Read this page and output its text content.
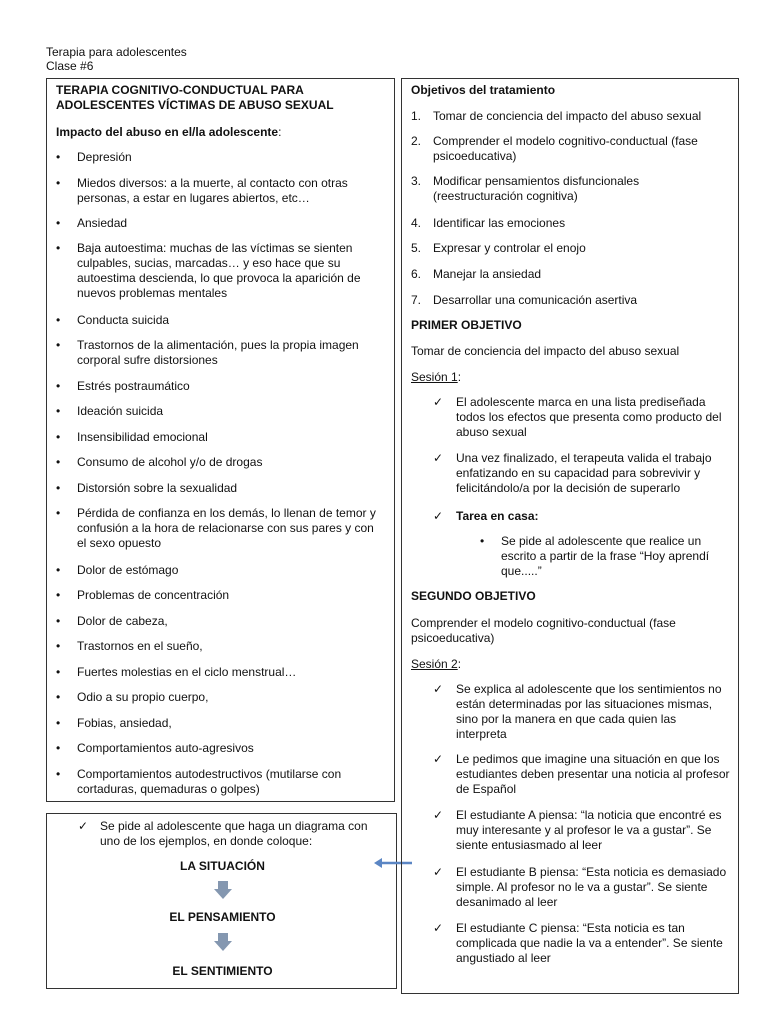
Terapia para adolescentes
Clase #6
TERAPIA COGNITIVO-CONDUCTUAL PARA
ADOLESCENTES VÍCTIMAS DE ABUSO SEXUAL
Impacto del abuso en el/la adolescente:
• Depresión
• Miedos diversos: a la muerte, al contacto con otras
personas, a estar en lugares abiertos, etc…
• Ansiedad
• Baja autoestima: muchas de las víctimas se sienten
culpables, sucias, marcadas… y eso hace que su
autoestima descienda, lo que provoca la aparición de
nuevos problemas mentales
• Conducta suicida
• Trastornos de la alimentación, pues la propia imagen
corporal sufre distorsiones
• Estrés postraumático
• Ideación suicida
• Insensibilidad emocional
• Consumo de alcohol y/o de drogas
• Distorsión sobre la sexualidad
• Pérdida de confianza en los demás, lo llenan de temor y
confusión a la hora de relacionarse con sus pares y con
el sexo opuesto
• Dolor de estómago
• Problemas de concentración
• Dolor de cabeza,
• Trastornos en el sueño,
• Fuertes molestias en el ciclo menstrual…
• Odio a su propio cuerpo,
• Fobias, ansiedad,
• Comportamientos auto-agresivos
• Comportamientos autodestructivos (mutilarse con
cortaduras, quemaduras o golpes)
✓ Se pide al adolescente que haga un diagrama con
uno de los ejemplos, en donde coloque:
LA SITUACIÓN
EL PENSAMIENTO
EL SENTIMIENTO
Objetivos del tratamiento
1. Tomar de conciencia del impacto del abuso sexual
2. Comprender el modelo cognitivo-conductual (fase
psicoeducativa)
3. Modificar pensamientos disfuncionales
(reestructuración cognitiva)
4. Identificar las emociones
5. Expresar y controlar el enojo
6. Manejar la ansiedad
7. Desarrollar una comunicación asertiva
PRIMER OBJETIVO
Tomar de conciencia del impacto del abuso sexual
Sesión 1:
✓ El adolescente marca en una lista prediseñada
todos los efectos que presenta como producto del
abuso sexual
✓ Una vez finalizado, el terapeuta valida el trabajo
enfatizando en su capacidad para sobrevivir y
felicitándolo/a por la decisión de superarlo
✓ Tarea en casa:
• Se pide al adolescente que realice un
escrito a partir de la frase “Hoy aprendí
que.....”
SEGUNDO OBJETIVO
Comprender el modelo cognitivo-conductual (fase
psicoeducativa)
Sesión 2:
✓ Se explica al adolescente que los sentimientos no
están determinadas por las situaciones mismas,
sino por la manera en que cada quien las
interpreta
✓ Le pedimos que imagine una situación en que los
estudiantes deben presentar una noticia al profesor
de Español
✓ El estudiante A piensa: “la noticia que encontré es
muy interesante y al profesor le va a gustar”. Se
siente entusiasmado al leer
✓ El estudiante B piensa: “Esta noticia es demasiado
simple. Al profesor no le va a gustar”. Se siente
desanimado al leer
✓ El estudiante C piensa: “Esta noticia es tan
complicada que nadie la va a entender”. Se siente
angustiado al leer
